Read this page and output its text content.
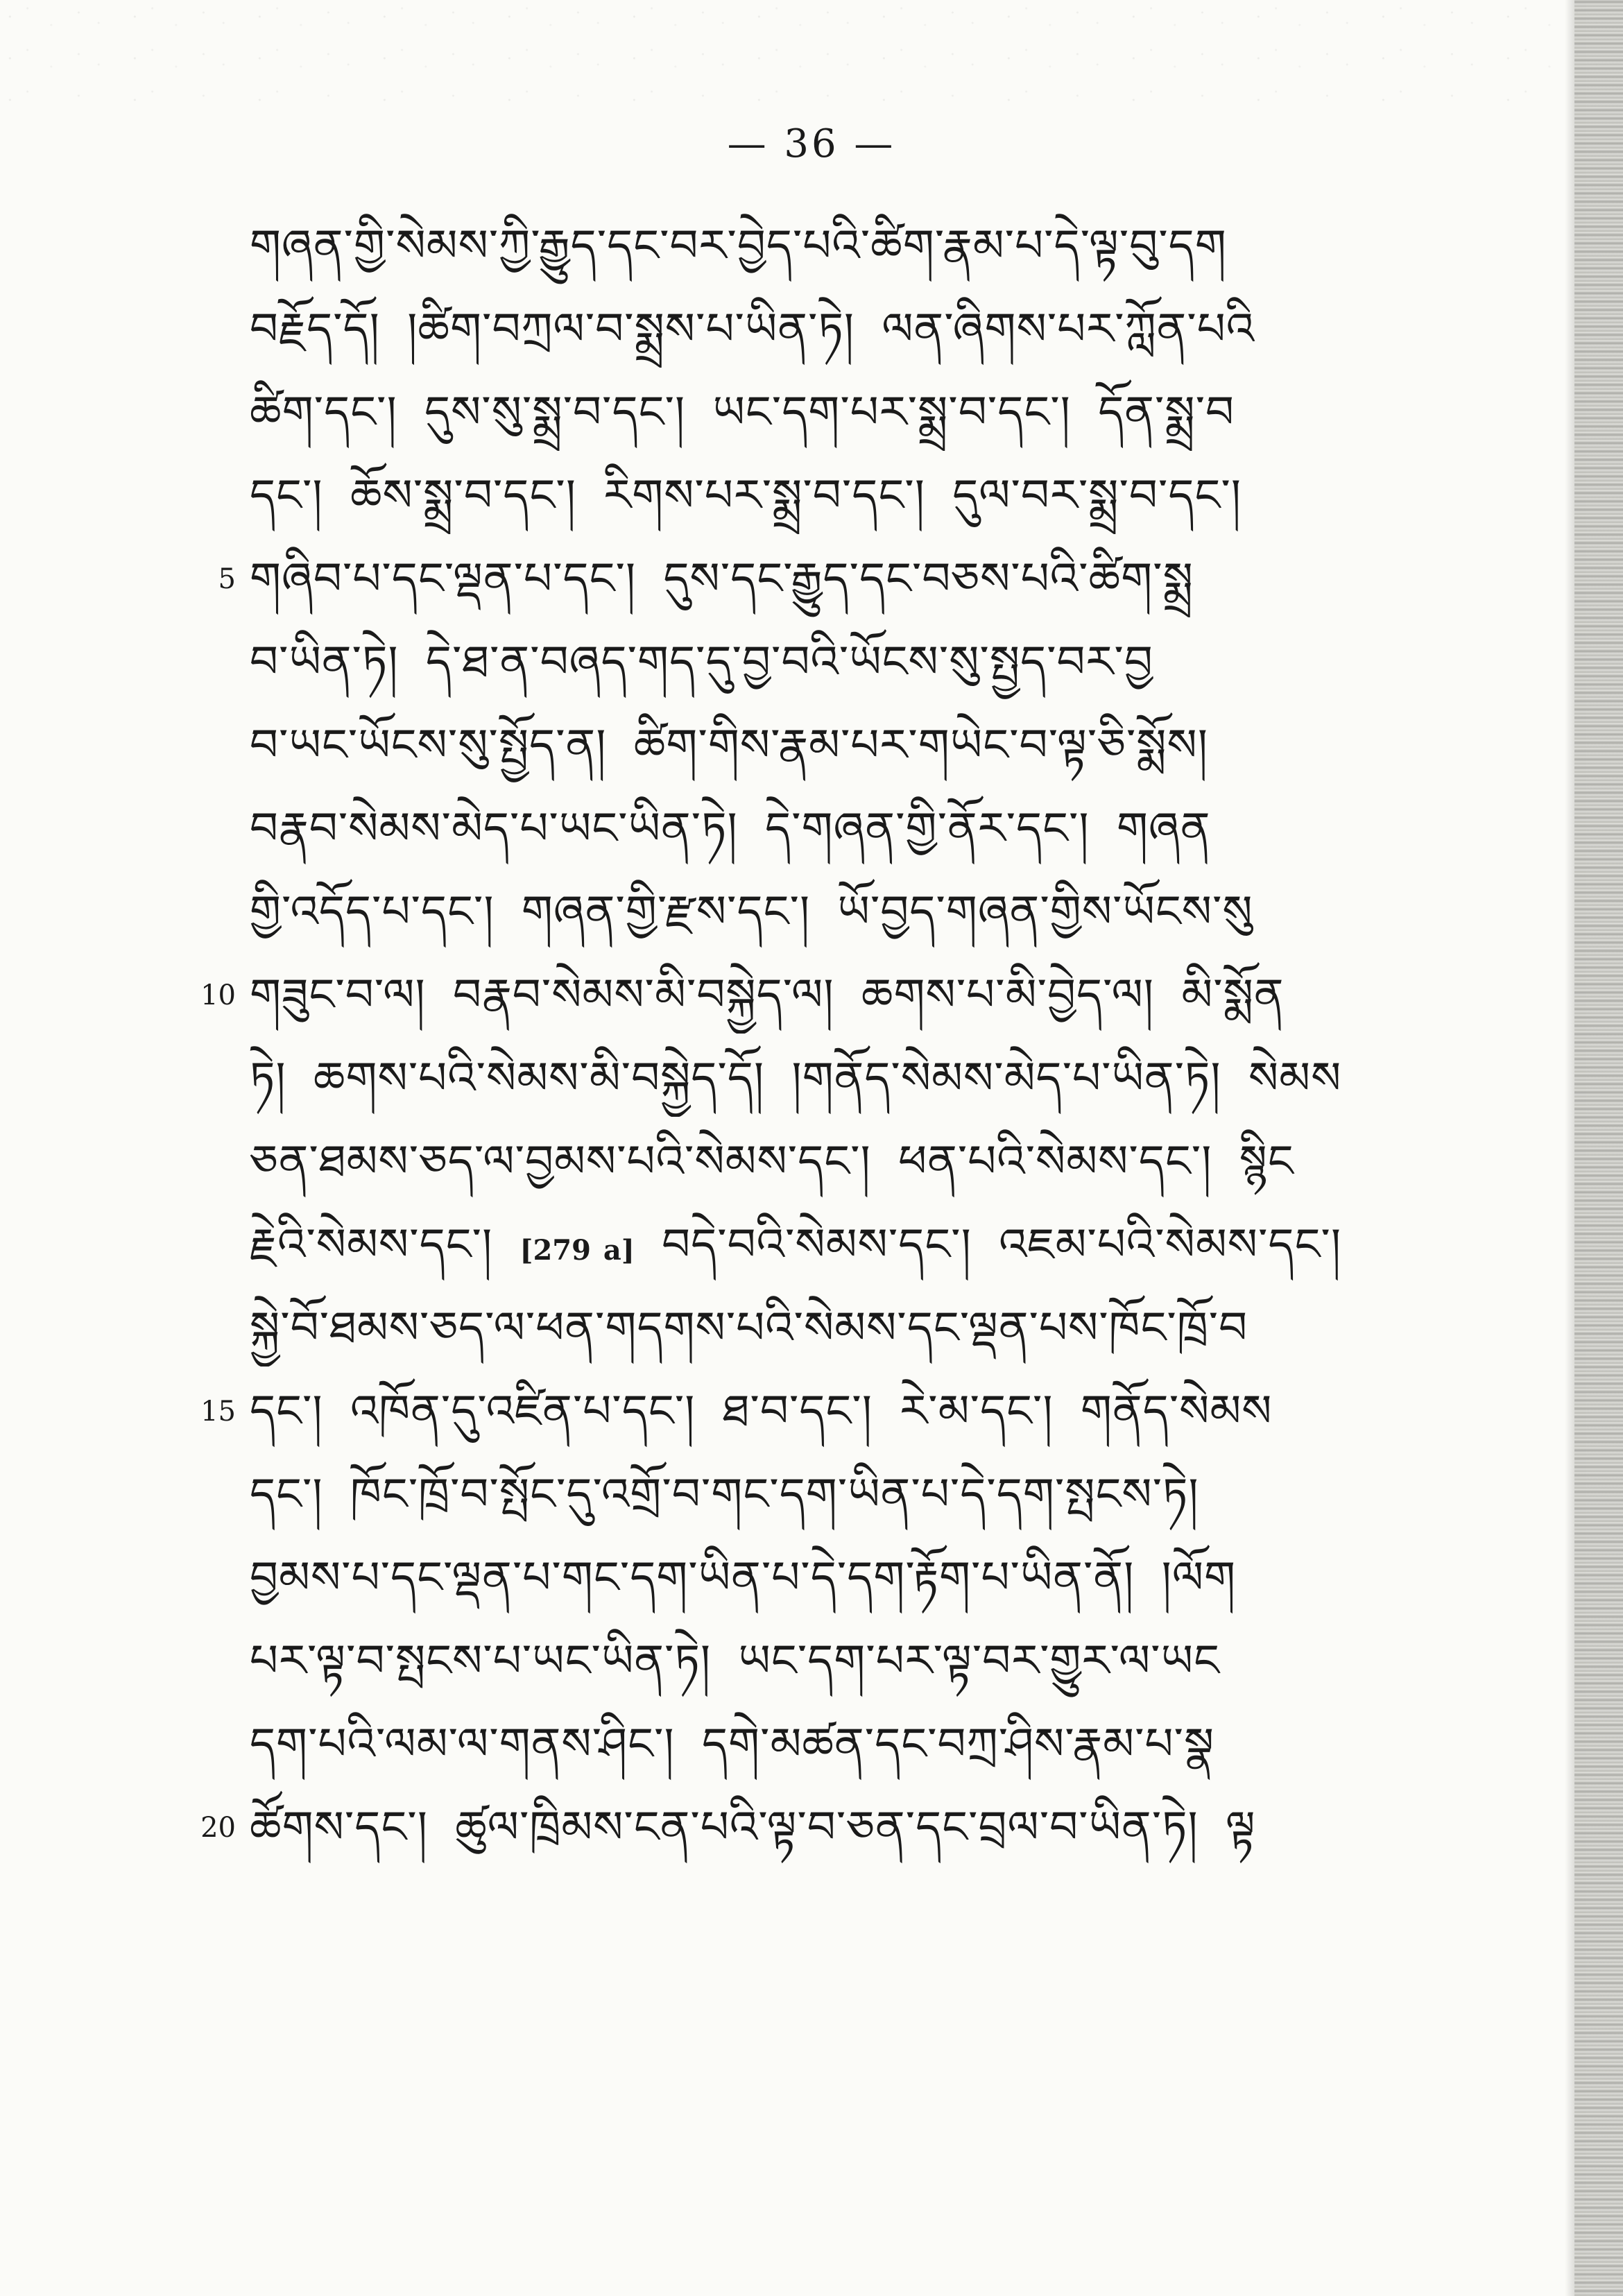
— 36 —
གཞན་གྱི་སེམས་ཀྱི་རྒྱུད་དང་བར་བྱེད་པའི་ཚིག་རྣམ་པ་དེ་ལྟ་བུ་དག
བརྗོད་དོ། །ཚིག་བཀྲལ་བ་སྨྲས་པ་ཡིན་ཏེ། ལན་ཞིགས་པར་ཀློན་པའི
ཚིག་དང་། དུས་སུ་སྨྲ་བ་དང་། ཡང་དག་པར་སྨྲ་བ་དང་། དོན་སྨྲ་བ
དང་། ཆོས་སྨྲ་བ་དང་། རིགས་པར་སྨྲ་བ་དང་། དུལ་བར་སྨྲ་བ་དང་།
5 གཞིབ་པ་དང་ལྡན་པ་དང་། དུས་དང་རྒྱུད་དང་བཅས་པའི་ཚིག་སྨྲ
བ་ཡིན་ཏེ། དེ་ཐ་ན་བཞད་གད་དུ་བྱ་བའི་ཡོངས་སུ་སྤྱད་བར་བྱ
བ་ཡང་ཡོངས་སུ་སྤྱོད་ན། ཚིག་གིས་རྣམ་པར་གཡེང་བ་ལྟ་ཅི་སྨོས།
བརྣབ་སེམས་མེད་པ་ཡང་ཡིན་ཏེ། དེ་གཞན་གྱི་ནོར་དང་། གཞན
གྱི་འདོད་པ་དང་། གཞན་གྱི་རྫས་དང་། ཡོ་བྱད་གཞན་གྱིས་ཡོངས་སུ
10 གཟུང་བ་ལ། བརྣབ་སེམས་མི་བསྐྱེད་ལ། ཆགས་པ་མི་བྱེད་ལ། མི་སྨོན
ཏེ། ཆགས་པའི་སེམས་མི་བསྐྱེད་དོ། །གནོད་སེམས་མེད་པ་ཡིན་ཏེ། སེམས
ཅན་ཐམས་ཅད་ལ་བྱམས་པའི་སེམས་དང་། ཕན་པའི་སེམས་དང་། སྙིང
རྗེའི་སེམས་དང་། [279 a] བདེ་བའི་སེམས་དང་། འཇམ་པའི་སེམས་དང་།
སྐྱེ་བོ་ཐམས་ཅད་ལ་ཕན་གདགས་པའི་སེམས་དང་ལྡན་པས་ཁོང་ཁྲོ་བ
15 དང་། འཁོན་དུ་འཛིན་པ་དང་། ཐ་བ་དང་། རེ་མ་དང་། གནོད་སེམས
དང་། ཁོང་ཁྲོ་བ་སྤོང་དུ་འགྲོ་བ་གང་དག་ཡིན་པ་དེ་དག་སྤངས་ཏེ།
བྱམས་པ་དང་ལྡན་པ་གང་དག་ཡིན་པ་དེ་དག་རྟོག་པ་ཡིན་ནོ། །ལོག
པར་ལྟ་བ་སྤངས་པ་ཡང་ཡིན་ཏེ། ཡང་དག་པར་ལྟ་བར་གྱུར་ལ་ཡང
དག་པའི་ལམ་ལ་གནས་ཤིང་། དགེ་མཚན་དང་བཀྲ་ཤིས་རྣམ་པ་སྣ
20 ཚོགས་དང་། ཚུལ་ཁྲིམས་ངན་པའི་ལྟ་བ་ཅན་དང་བྲལ་བ་ཡིན་ཏེ། ལྟ
